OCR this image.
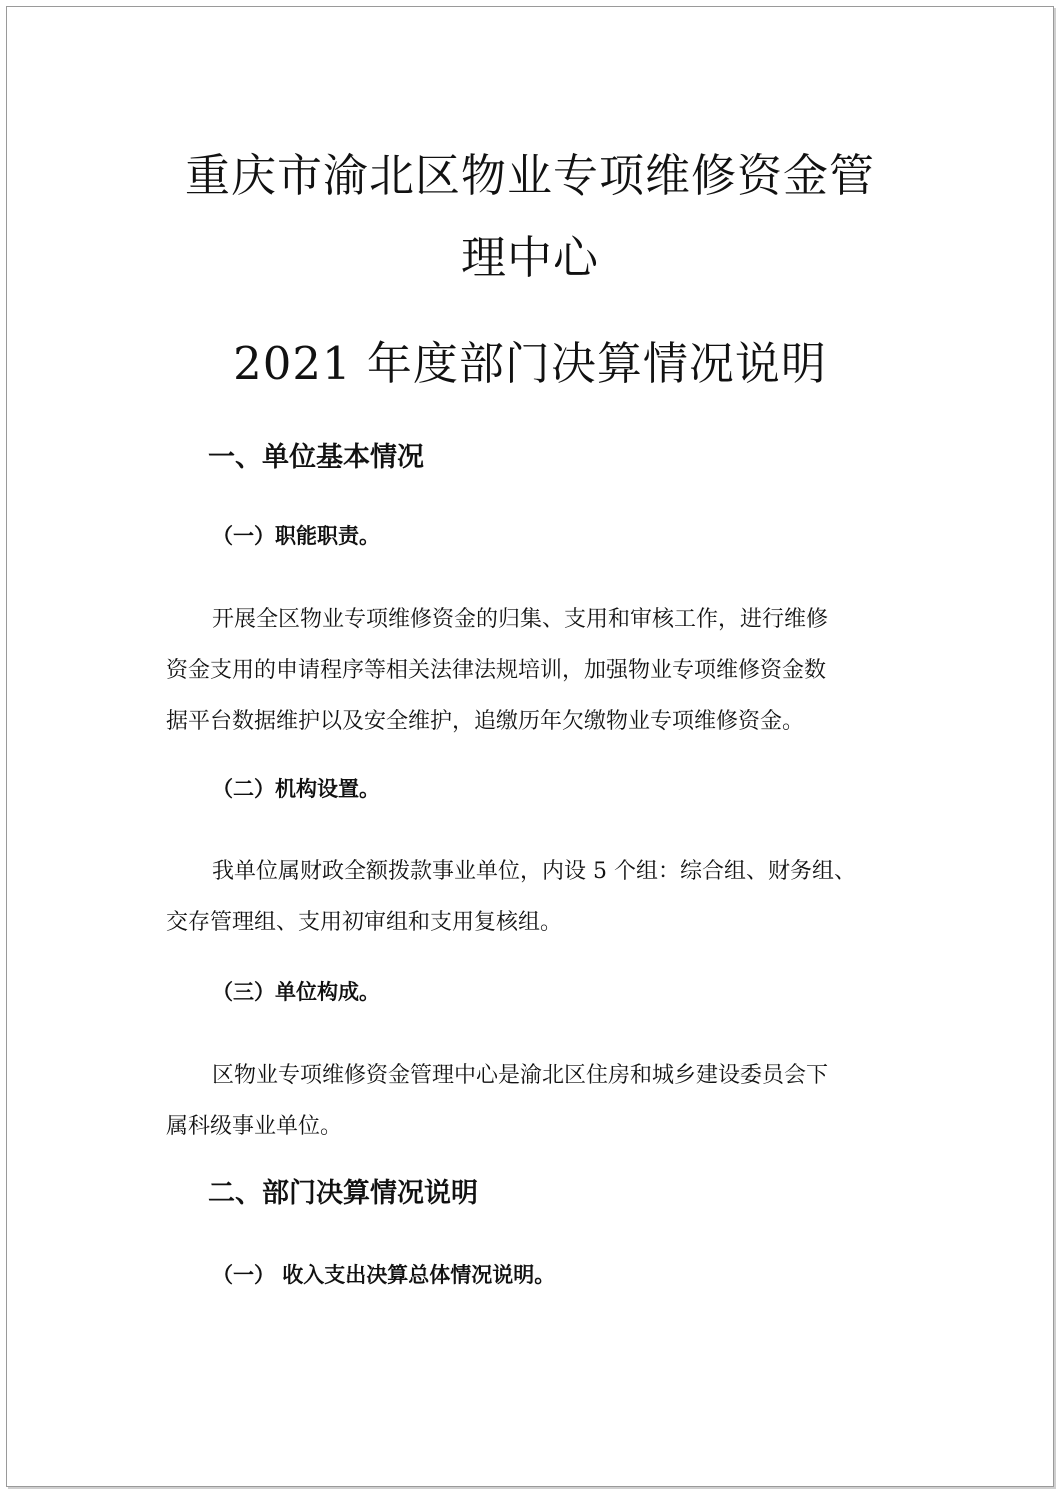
重庆市渝北区物业专项维修资金管
理中心
2021 年度部门决算情况说明
一、单位基本情况
（一）职能职责。
开展全区物业专项维修资金的归集、支用和审核工作，进行维修
资金支用的申请程序等相关法律法规培训，加强物业专项维修资金数
据平台数据维护以及安全维护，追缴历年欠缴物业专项维修资金。
（二）机构设置。
我单位属财政全额拨款事业单位，内设 5 个组：综合组、财务组、
交存管理组、支用初审组和支用复核组。
（三）单位构成。
区物业专项维修资金管理中心是渝北区住房和城乡建设委员会下
属科级事业单位。
二、部门决算情况说明
（一） 收入支出决算总体情况说明。
